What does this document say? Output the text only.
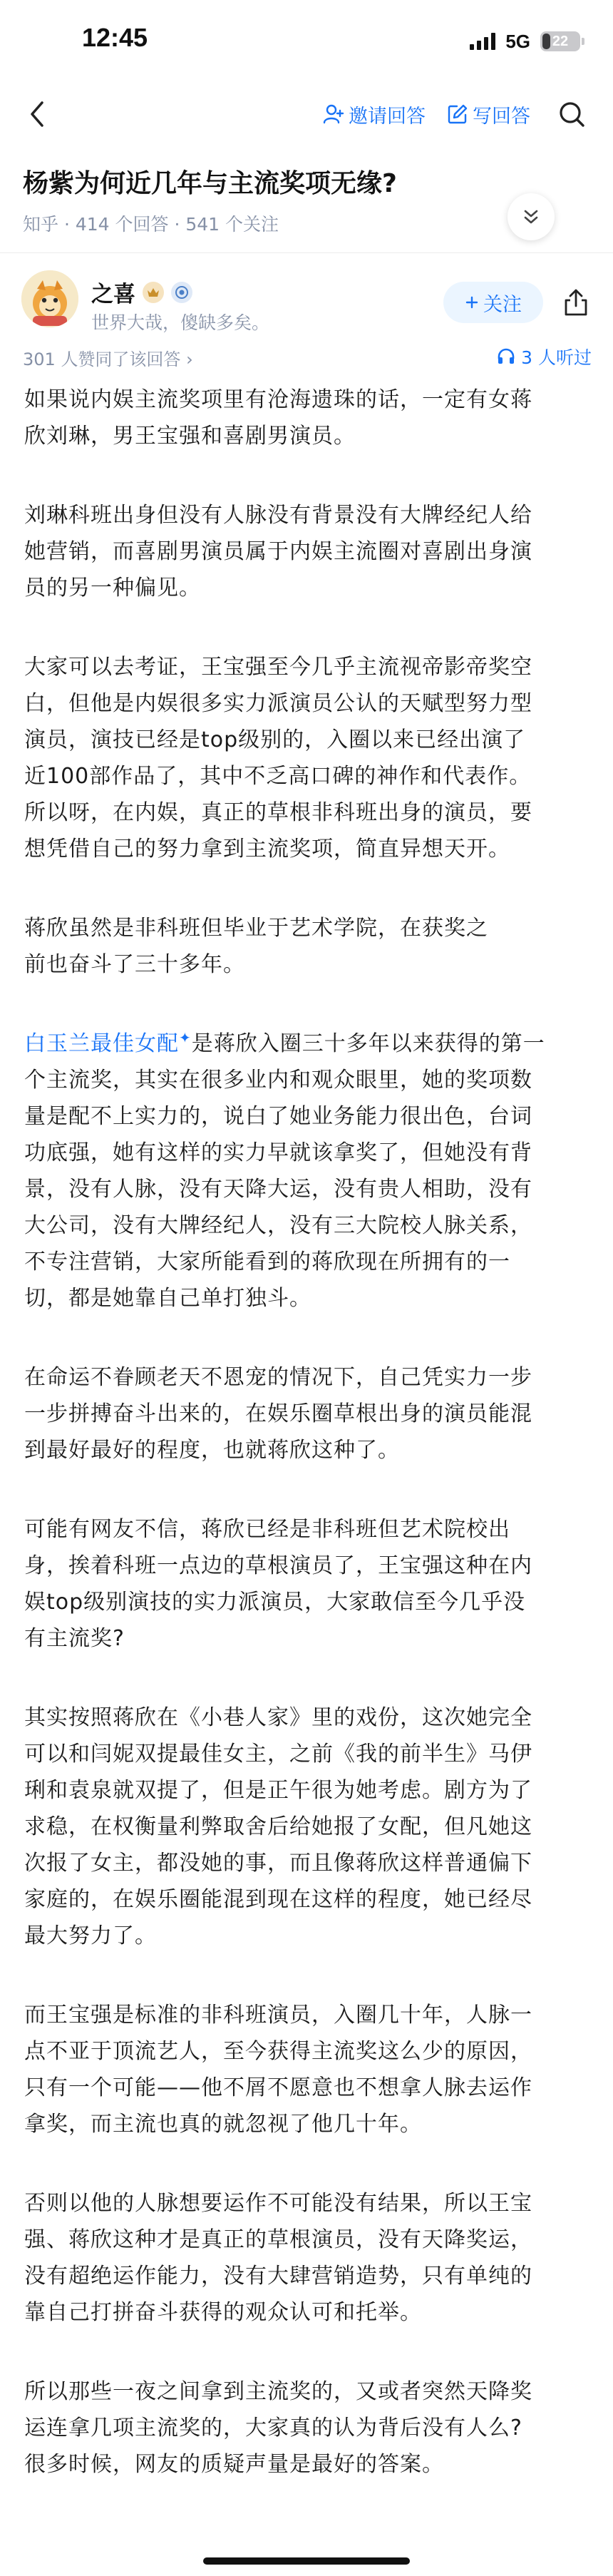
12:45	5G 22
邀请回答 写回答
杨紫为何近几年与主流奖项无缘?
知乎 · 414 个回答 · 541 个关注
之喜
世界大哉，傻缺多矣。
关注
301 人赞同了该回答 ›	3 人听过

如果说内娱主流奖项里有沧海遗珠的话，一定有女蒋
欣刘琳，男王宝强和喜剧男演员。

刘琳科班出身但没有人脉没有背景没有大牌经纪人给
她营销，而喜剧男演员属于内娱主流圈对喜剧出身演
员的另一种偏见。

大家可以去考证，王宝强至今几乎主流视帝影帝奖空
白，但他是内娱很多实力派演员公认的天赋型努力型
演员，演技已经是top级别的，入圈以来已经出演了
近100部作品了，其中不乏高口碑的神作和代表作。
所以呀，在内娱，真正的草根非科班出身的演员，要
想凭借自己的努力拿到主流奖项，简直异想天开。

蒋欣虽然是非科班但毕业于艺术学院，在获奖之
前也奋斗了三十多年。

白玉兰最佳女配✦是蒋欣入圈三十多年以来获得的第一
个主流奖，其实在很多业内和观众眼里，她的奖项数
量是配不上实力的，说白了她业务能力很出色，台词
功底强，她有这样的实力早就该拿奖了，但她没有背
景，没有人脉，没有天降大运，没有贵人相助，没有
大公司，没有大牌经纪人，没有三大院校人脉关系，
不专注营销，大家所能看到的蒋欣现在所拥有的一
切，都是她靠自己单打独斗。

在命运不眷顾老天不恩宠的情况下，自己凭实力一步
一步拼搏奋斗出来的，在娱乐圈草根出身的演员能混
到最好最好的程度，也就蒋欣这种了。

可能有网友不信，蒋欣已经是非科班但艺术院校出
身，挨着科班一点边的草根演员了，王宝强这种在内
娱top级别演技的实力派演员，大家敢信至今几乎没
有主流奖?

其实按照蒋欣在《小巷人家》里的戏份，这次她完全
可以和闫妮双提最佳女主，之前《我的前半生》马伊
琍和袁泉就双提了，但是正午很为她考虑。剧方为了
求稳，在权衡量利弊取舍后给她报了女配，但凡她这
次报了女主，都没她的事，而且像蒋欣这样普通偏下
家庭的，在娱乐圈能混到现在这样的程度，她已经尽
最大努力了。

而王宝强是标准的非科班演员，入圈几十年，人脉一
点不亚于顶流艺人，至今获得主流奖这么少的原因，
只有一个可能——他不屑不愿意也不想拿人脉去运作
拿奖，而主流也真的就忽视了他几十年。

否则以他的人脉想要运作不可能没有结果，所以王宝
强、蒋欣这种才是真正的草根演员，没有天降奖运，
没有超绝运作能力，没有大肆营销造势，只有单纯的
靠自己打拼奋斗获得的观众认可和托举。

所以那些一夜之间拿到主流奖的，又或者突然天降奖
运连拿几项主流奖的，大家真的认为背后没有人么?
很多时候，网友的质疑声量是最好的答案。
